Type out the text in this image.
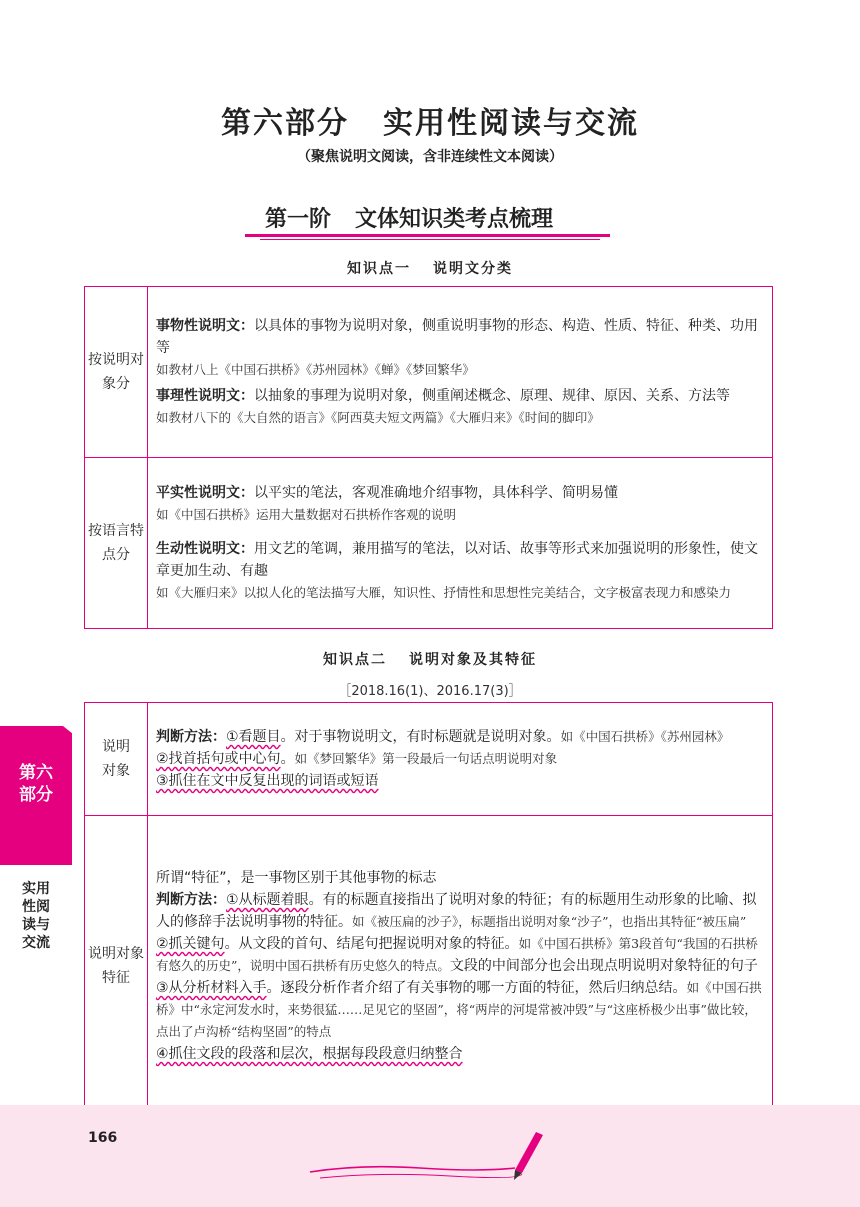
第六部分 实用性阅读与交流
（聚焦说明文阅读，含非连续性文本阅读）
第一阶 文体知识类考点梳理
知识点一 说明文分类
按说明对象分	事物性说明文：以具体的事物为说明对象，侧重说明事物的形态、构造、性质、特征、种类、功用等
如教材八上《中国石拱桥》《苏州园林》《蝉》《梦回繁华》
事理性说明文：以抽象的事理为说明对象，侧重阐述概念、原理、规律、原因、关系、方法等
如教材八下的《大自然的语言》《阿西莫夫短文两篇》《大雁归来》《时间的脚印》

按语言特点分	平实性说明文：以平实的笔法，客观准确地介绍事物，具体科学、简明易懂
如《中国石拱桥》运用大量数据对石拱桥作客观的说明
生动性说明文：用文艺的笔调，兼用描写的笔法，以对话、故事等形式来加强说明的形象性，使文章更加生动、有趣
如《大雁归来》以拟人化的笔法描写大雁，知识性、抒情性和思想性完美结合，文字极富表现力和感染力
知识点二 说明对象及其特征
［2018.16(1)、2016.17(3)］
说明对象	判断方法：①看题目。对于事物说明文，有时标题就是说明对象。如《中国石拱桥》《苏州园林》
②找首括句或中心句。如《梦回繁华》第一段最后一句话点明说明对象
③抓住在文中反复出现的词语或短语

说明对象特征	所谓“特征”，是一事物区别于其他事物的标志
判断方法：①从标题着眼。有的标题直接指出了说明对象的特征；有的标题用生动形象的比喻、拟人的修辞手法说明事物的特征。如《被压扁的沙子》，标题指出说明对象“沙子”，也指出其特征“被压扁”
②抓关键句。从文段的首句、结尾句把握说明对象的特征。如《中国石拱桥》第3段首句“我国的石拱桥有悠久的历史”，说明中国石拱桥有历史悠久的特点。文段的中间部分也会出现点明说明对象特征的句子
③从分析材料入手。逐段分析作者介绍了有关事物的哪一方面的特征，然后归纳总结。如《中国石拱桥》中“永定河发水时，来势很猛……足见它的坚固”，将“两岸的河堤常被冲毁”与“这座桥极少出事”做比较，点出了卢沟桥“结构坚固”的特点
④抓住文段的段落和层次，根据每段段意归纳整合
第六部分
实用性阅读与交流
166
